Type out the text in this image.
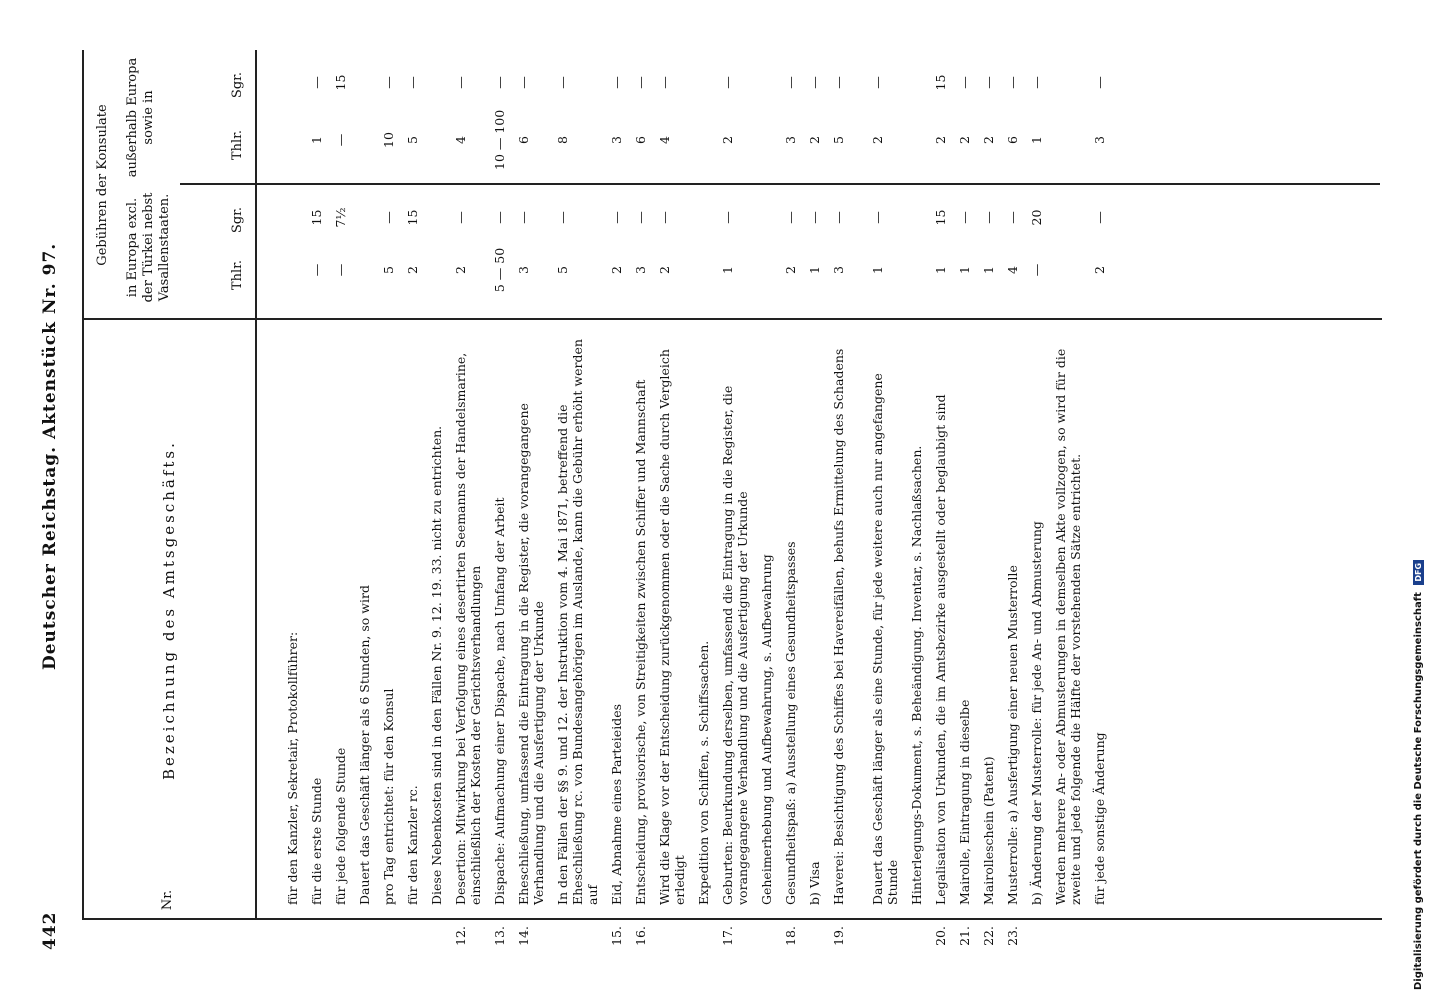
442
Deutscher Reichstag. Aktenstück Nr. 97.
Nr.
Bezeichnung des Amtsgeschäfts.
Gebühren der Konsulate in Europa excl. der Türkei nebst Vasallenstaaten.
außerhalb Europa sowie in
Thlr.
Sgr.
Thlr.
Sgr.
für den Kanzler, Sekretair, Protokollführer: für die erste Stunde
—
15
1
—
für jede folgende Stunde
—
7½
—
15
Dauert das Geschäft länger als 6 Stunden, so wird pro Tag entrichtet: für den Konsul
5
—
10
—
für den Kanzler rc.
2
15
5
—
Diese Nebenkosten sind in den Fällen Nr. 9. 12. 19. 33. nicht zu entrichten.
12.
Desertion: Mitwirkung bei Verfolgung eines desertirten Seemanns der Handelsmarine, einschließlich der Kosten der Gerichtsverhandlungen
2
—
4
—
13.
Dispache: Aufmachung einer Dispache, nach Umfang der Arbeit
5 — 50
—
10 — 100
—
14.
Eheschließung, umfassend die Eintragung in die Register, die vorangegangene Verhandlung und die Ausfertigung der Urkunde
3
—
6
—
In den Fällen der §§ 9. und 12. der Instruktion vom 4. Mai 1871, betreffend die Eheschließung rc. von Bundesangehörigen im Auslande, kann die Gebühr erhöht werden auf
5
—
8
—
15.
Eid, Abnahme eines Parteieides
2
—
3
—
16.
Entscheidung, provisorische, von Streitigkeiten zwischen Schiffer und Mannschaft
3
—
6
—
Wird die Klage vor der Entscheidung zurückgenommen oder die Sache durch Vergleich erledigt
2
—
4
—
Expedition von Schiffen, s. Schiffssachen.
17.
Geburten: Beurkundung derselben, umfassend die Eintragung in die Register, die vorangegangene Verhandlung und die Ausfertigung der Urkunde
1
—
2
—
Geheimerhebung und Aufbewahrung, s. Aufbewahrung
18.
Gesundheitspaß: a) Ausstellung eines Gesundheitspasses
2
—
3
—
b) Visa
1
—
2
—
19.
Haverei: Besichtigung des Schiffes bei Havereifällen, behufs Ermittelung des Schadens
3
—
5
—
Dauert das Geschäft länger als eine Stunde, für jede weitere auch nur angefangene Stunde
1
—
2
—
Hinterlegungs-Dokument, s. Beheändigung. Inventar, s. Nachlaßsachen.
20.
Legalisation von Urkunden, die im Amtsbezirke ausgestellt oder beglaubigt sind
1
15
2
15
21.
Mairolle, Eintragung in dieselbe
1
—
2
—
22.
Mairolleschein (Patent)
1
—
2
—
23.
Musterrolle: a) Ausfertigung einer neuen Musterrolle
4
—
6
—
b) Änderung der Musterrolle: für jede An- und Abmusterung
—
20
1
—
Werden mehrere An- oder Abmusterungen in demselben Akte vollzogen, so wird für die zweite und jede folgende die Hälfte der vorstehenden Sätze entrichtet. für jede sonstige Änderung
2
—
3
—
Digitalisierung gefördert durch die Deutsche Forschungsgemeinschaft DFG
